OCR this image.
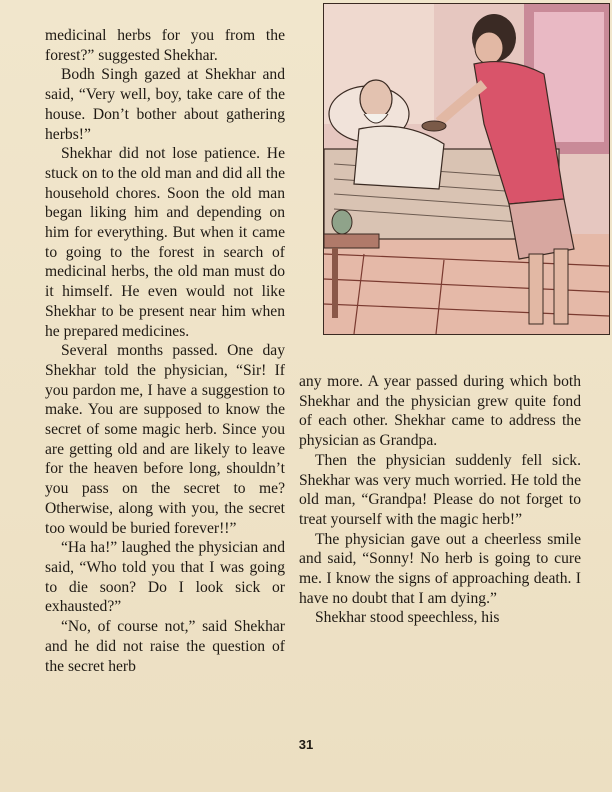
medicinal herbs for you from the forest?” suggested Shekhar.

Bodh Singh gazed at Shekhar and said, “Very well, boy, take care of the house. Don’t bother about gathering herbs!”

Shekhar did not lose patience. He stuck on to the old man and did all the household chores. Soon the old man began liking him and depending on him for everything. But when it came to going to the forest in search of medicinal herbs, the old man must do it himself. He even would not like Shekhar to be present near him when he prepared medicines.

Several months passed. One day Shekhar told the physician, “Sir! If you pardon me, I have a suggestion to make. You are supposed to know the secret of some magic herb. Since you are getting old and are likely to leave for the heaven before long, shouldn’t you pass on the secret to me? Otherwise, along with you, the secret too would be buried forever!!”

“Ha ha!” laughed the physician and said, “Who told you that I was going to die soon? Do I look sick or exhausted?”

“No, of course not,” said Shekhar and he did not raise the question of the secret herb

any more. A year passed during which both Shekhar and the physician grew quite fond of each other. Shekhar came to address the physician as Grandpa.

Then the physician suddenly fell sick. Shekhar was very much worried. He told the old man, “Grandpa! Please do not forget to treat yourself with the magic herb!”

The physician gave out a cheerless smile and said, “Sonny! No herb is going to cure me. I know the signs of approaching death. I have no doubt that I am dying.”

Shekhar stood speechless, his

31
